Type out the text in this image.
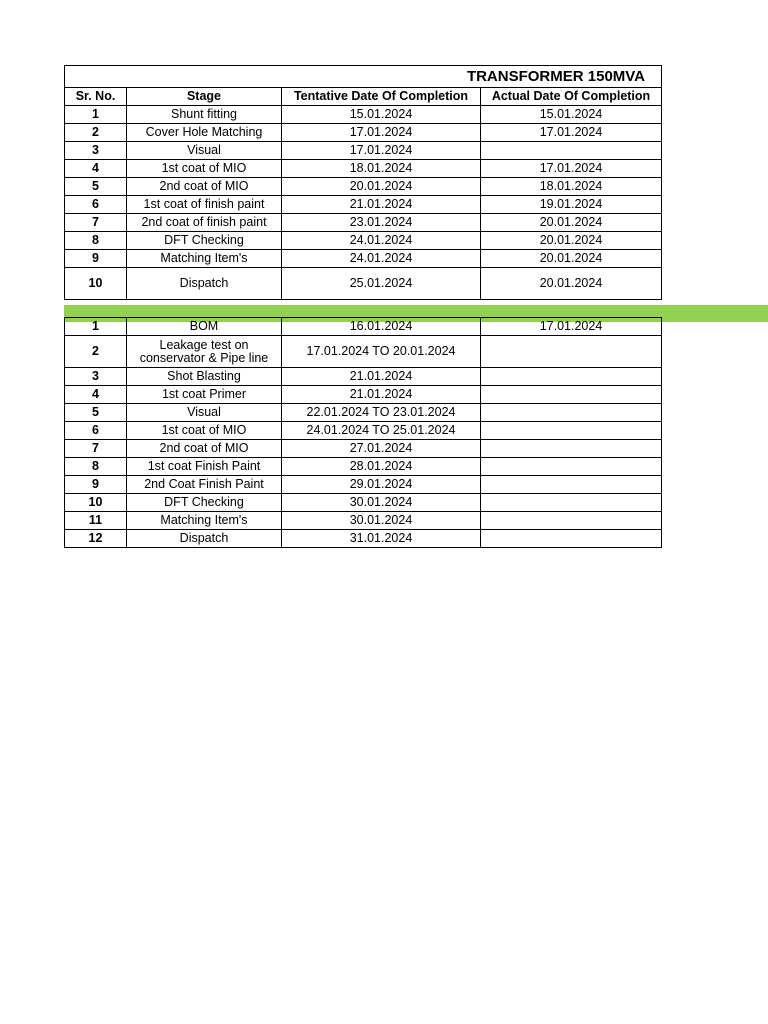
TRANSFORMER 150MVA			
Sr. No.	Stage	Tentative Date Of Completion	Actual Date Of Completion
1	Shunt fitting	15.01.2024	15.01.2024
2	Cover Hole Matching	17.01.2024	17.01.2024
3	Visual	17.01.2024	
4	1st coat of MIO	18.01.2024	17.01.2024
5	2nd coat of MIO	20.01.2024	18.01.2024
6	1st coat of finish paint	21.01.2024	19.01.2024
7	2nd coat of finish paint	23.01.2024	20.01.2024
8	DFT Checking	24.01.2024	20.01.2024
9	Matching Item's	24.01.2024	20.01.2024
10	Dispatch	25.01.2024	20.01.2024

1	BOM	16.01.2024	17.01.2024
2	Leakage test on conservator & Pipe line	17.01.2024 TO 20.01.2024	
3	Shot Blasting	21.01.2024	
4	1st coat Primer	21.01.2024	
5	Visual	22.01.2024 TO 23.01.2024	
6	1st coat of MIO	24.01.2024 TO 25.01.2024	
7	2nd coat of MIO	27.01.2024	
8	1st coat Finish Paint	28.01.2024	
9	2nd Coat Finish Paint	29.01.2024	
10	DFT Checking	30.01.2024	
11	Matching Item's	30.01.2024	
12	Dispatch	31.01.2024	
